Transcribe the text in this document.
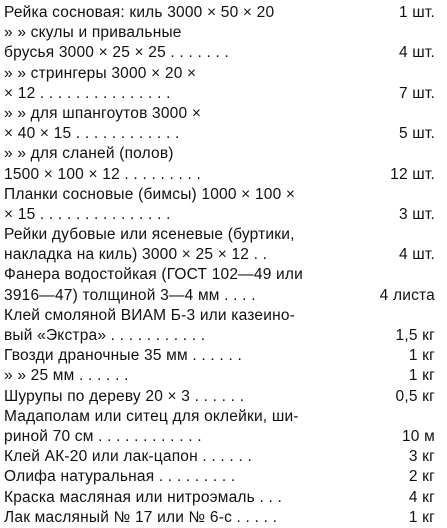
Рейка сосновая: киль 3000 × 50 × 20	1 шт.
» » скулы и привальные
брусья 3000 × 25 × 25 . . . . . . .	4 шт.
» » стрингеры 3000 × 20 ×
× 12 . . . . . . . . . . . . . . .	7 шт.
» » для шпангоутов 3000 ×
× 40 × 15 . . . . . . . . . . . .	5 шт.
» » для сланей (полов)
1500 × 100 × 12 . . . . . . . . .	12 шт.
Планки сосновые (бимсы) 1000 × 100 ×
× 15 . . . . . . . . . . . . . . .	3 шт.
Рейки дубовые или ясеневые (буртики,
накладка на киль) 3000 × 25 × 12 . .	4 шт.
Фанера водостойкая (ГОСТ 102—49 или
3916—47) толщиной 3—4 мм . . . .	4 листа
Клей смоляной ВИАМ Б-3 или казеино-
вый «Экстра» . . . . . . . . . . .	1,5 кг
Гвозди драночные 35 мм . . . . . .	1 кг
» » 25 мм . . . . . .	1 кг
Шурупы по дереву 20 × 3 . . . . . .	0,5 кг
Мадаполам или ситец для оклейки, ши-
риной 70 см . . . . . . . . . . . .	10 м
Клей АК-20 или лак-цапон . . . . . .	3 кг
Олифа натуральная . . . . . . . . .	2 кг
Краска масляная или нитроэмаль . . .	4 кг
Лак масляный № 17 или № 6-с . . . . .	1 кг
